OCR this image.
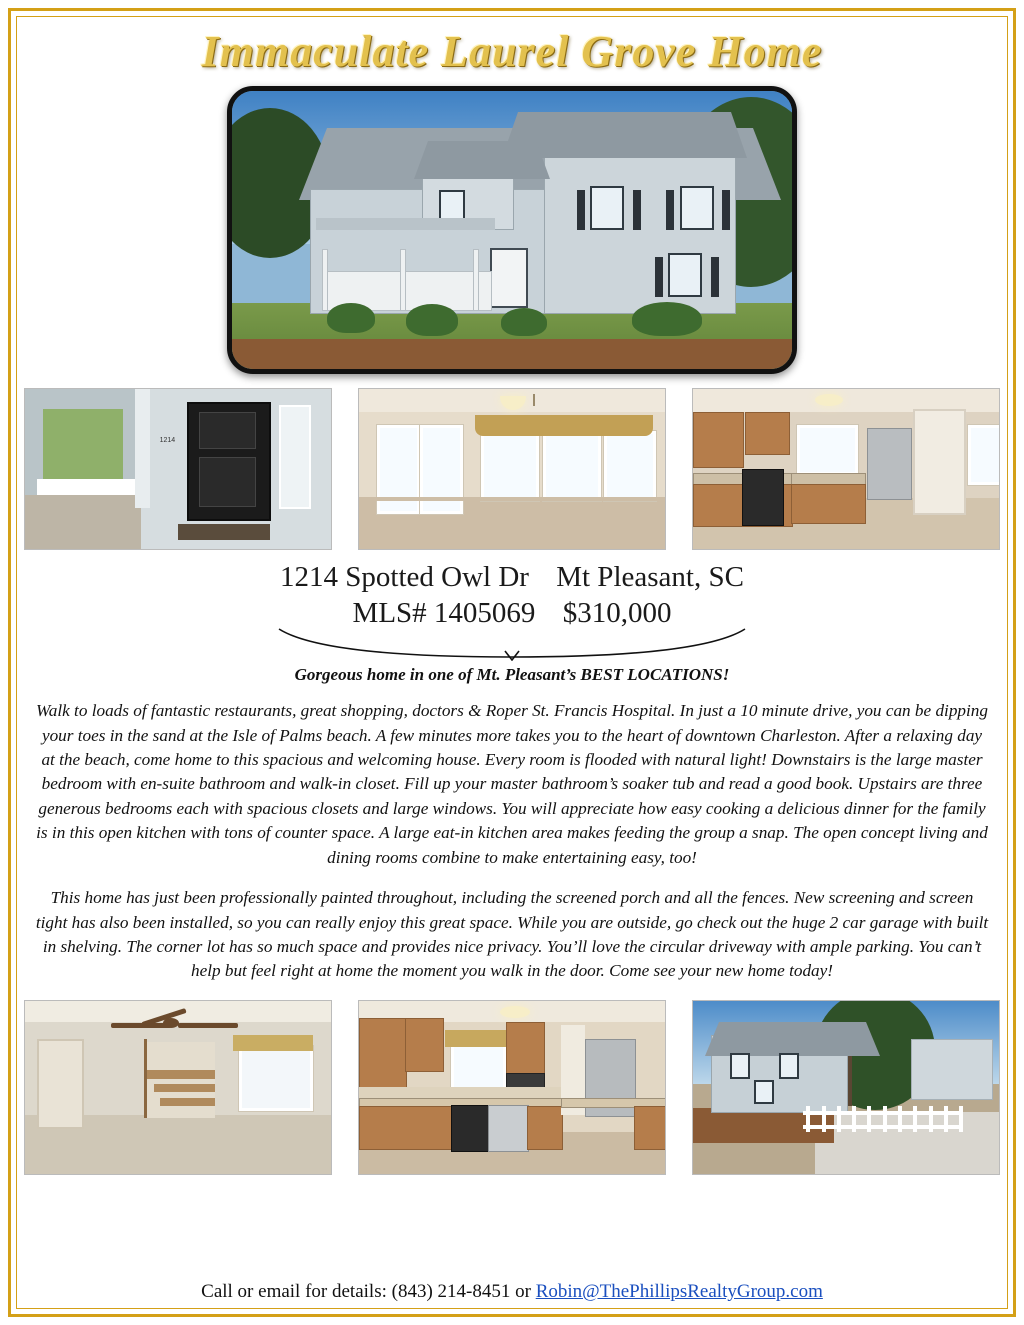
Immaculate Laurel Grove Home
1214
1214 Spotted Owl Dr Mt Pleasant, SC
MLS# 1405069 $310,000
Gorgeous home in one of Mt. Pleasant’s BEST LOCATIONS!
Walk to loads of fantastic restaurants, great shopping, doctors & Roper St. Francis Hospital. In just a 10 minute drive, you can be dipping your toes in the sand at the Isle of Palms beach. A few minutes more takes you to the heart of downtown Charleston. After a relaxing day at the beach, come home to this spacious and welcoming house. Every room is flooded with natural light! Downstairs is the large master bedroom with en-suite bathroom and walk-in closet. Fill up your master bathroom’s soaker tub and read a good book. Upstairs are three generous bedrooms each with spacious closets and large windows. You will appreciate how easy cooking a delicious dinner for the family is in this open kitchen with tons of counter space. A large eat-in kitchen area makes feeding the group a snap. The open concept living and dining rooms combine to make entertaining easy, too!
This home has just been professionally painted throughout, including the screened porch and all the fences. New screening and screen tight has also been installed, so you can really enjoy this great space. While you are outside, go check out the huge 2 car garage with built in shelving. The corner lot has so much space and provides nice privacy. You’ll love the circular driveway with ample parking. You can’t help but feel right at home the moment you walk in the door. Come see your new home today!
Call or email for details: (843) 214-8451 or Robin@ThePhillipsRealtyGroup.com
